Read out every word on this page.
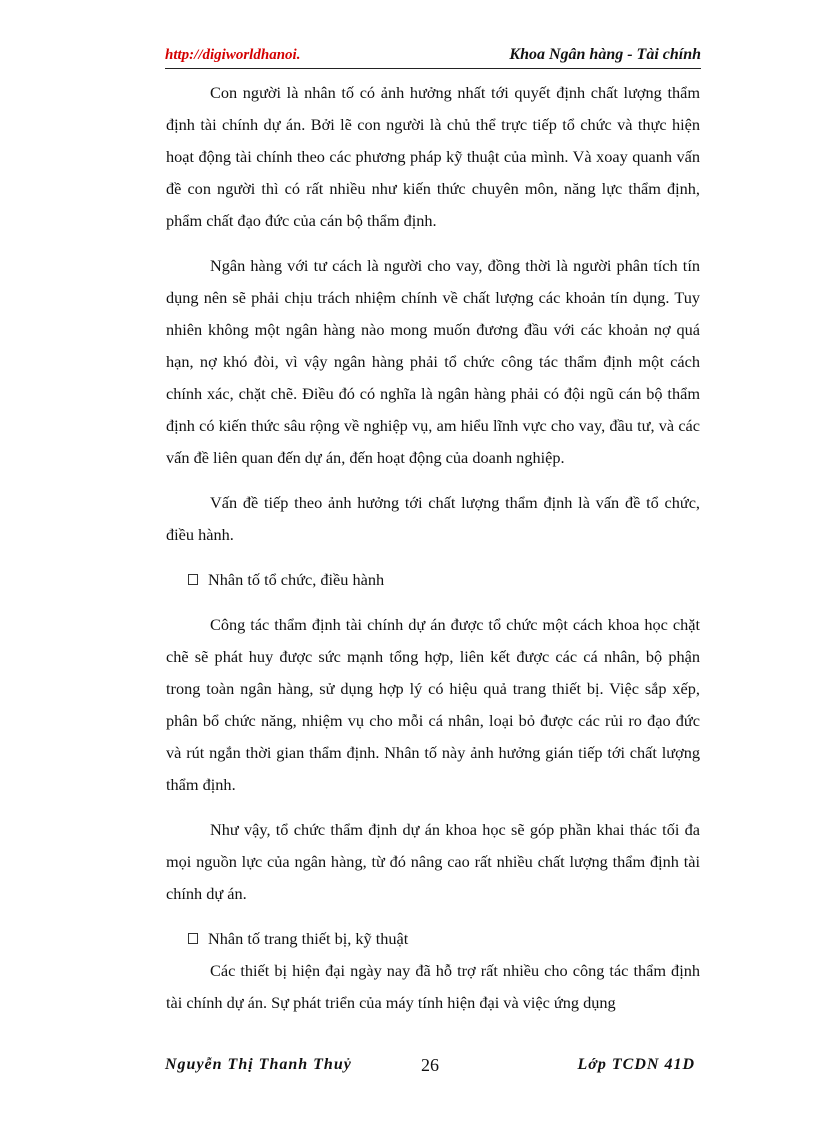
http://digiworldhanoi.	Khoa Ngân hàng - Tài chính

Con người là nhân tố có ảnh hưởng nhất tới quyết định chất lượng thẩm định tài chính dự án. Bởi lẽ con người là chủ thể trực tiếp tổ chức và thực hiện hoạt động tài chính theo các phương pháp kỹ thuật của mình. Và xoay quanh vấn đề con người thì có rất nhiều như kiến thức chuyên môn, năng lực thẩm định, phẩm chất đạo đức của cán bộ thẩm định.

Ngân hàng với tư cách là người cho vay, đồng thời là người phân tích tín dụng nên sẽ phải chịu trách nhiệm chính về chất lượng các khoản tín dụng. Tuy nhiên không một ngân hàng nào mong muốn đương đầu với các khoản nợ quá hạn, nợ khó đòi, vì vậy ngân hàng phải tổ chức công tác thẩm định một cách chính xác, chặt chẽ. Điều đó có nghĩa là ngân hàng phải có đội ngũ cán bộ thẩm định có kiến thức sâu rộng về nghiệp vụ, am hiểu lĩnh vực cho vay, đầu tư, và các vấn đề liên quan đến dự án, đến hoạt động của doanh nghiệp.

Vấn đề tiếp theo ảnh hưởng tới chất lượng thẩm định là vấn đề tổ chức, điều hành.

Nhân tố tổ chức, điều hành

Công tác thẩm định tài chính dự án được tổ chức một cách khoa học chặt chẽ sẽ phát huy được sức mạnh tổng hợp, liên kết được các cá nhân, bộ phận trong toàn ngân hàng, sử dụng hợp lý có hiệu quả trang thiết bị. Việc sắp xếp, phân bổ chức năng, nhiệm vụ cho mỗi cá nhân, loại bỏ được các rủi ro đạo đức và rút ngắn thời gian thẩm định. Nhân tố này ảnh hưởng gián tiếp tới chất lượng thẩm định.

Như vậy, tổ chức thẩm định dự án khoa học sẽ góp phần khai thác tối đa mọi nguồn lực của ngân hàng, từ đó nâng cao rất nhiều chất lượng thẩm định tài chính dự án.

Nhân tố trang thiết bị, kỹ thuật

Các thiết bị hiện đại ngày nay đã hỗ trợ rất nhiều cho công tác thẩm định tài chính dự án. Sự phát triển của máy tính hiện đại và việc ứng dụng

Nguyễn Thị Thanh Thuỷ	26	Lớp TCDN 41D
